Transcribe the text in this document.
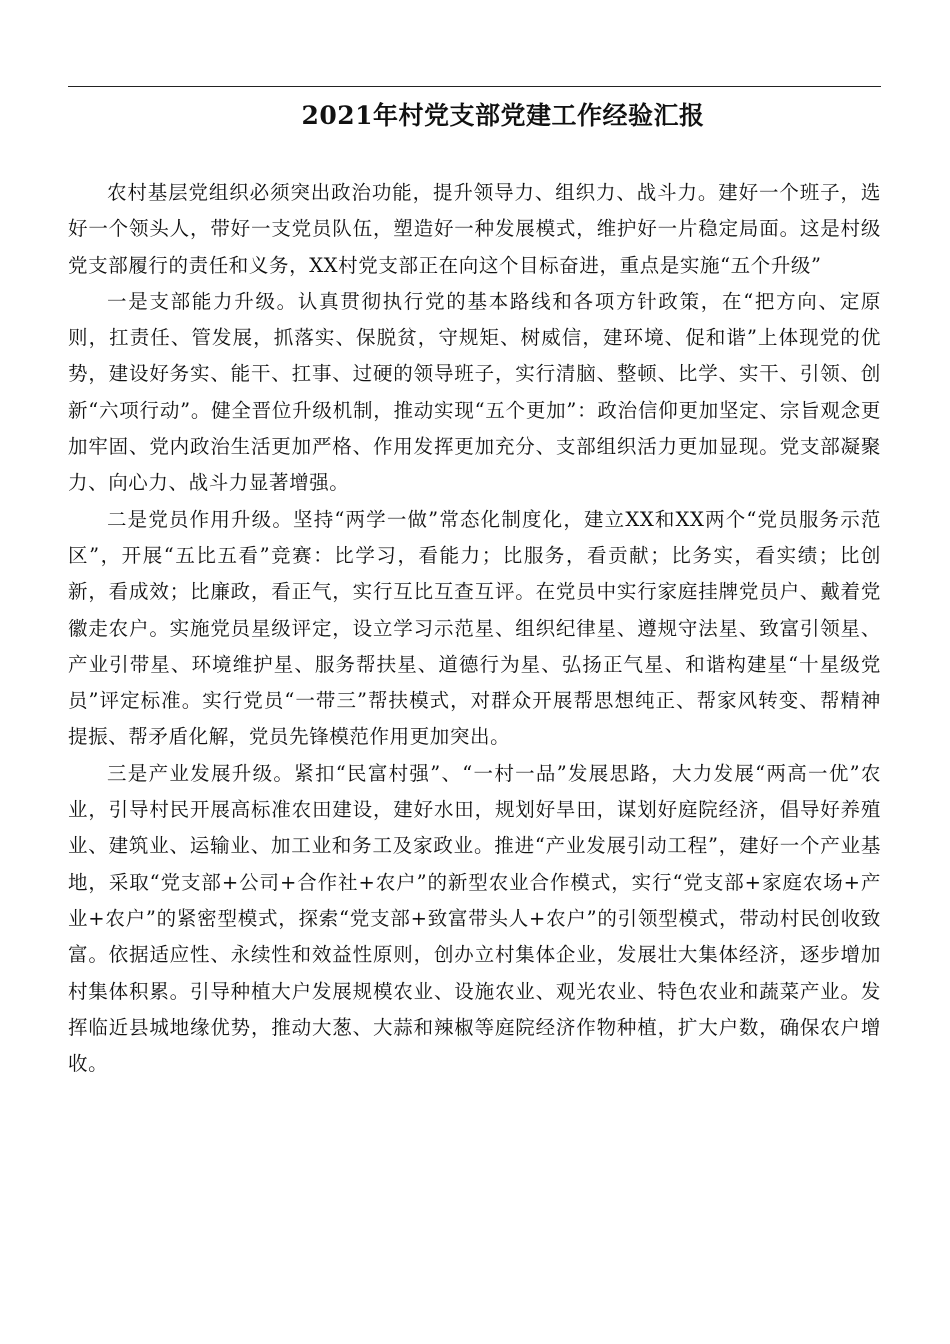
2021年村党支部党建工作经验汇报

农村基层党组织必须突出政治功能，提升领导力、组织力、战斗力。建好一个班子，选好一个领头人，带好一支党员队伍，塑造好一种发展模式，维护好一片稳定局面。这是村级党支部履行的责任和义务，XX村党支部正在向这个目标奋进，重点是实施“五个升级”

一是支部能力升级。认真贯彻执行党的基本路线和各项方针政策，在“把方向、定原则，扛责任、管发展，抓落实、保脱贫，守规矩、树威信，建环境、促和谐”上体现党的优势，建设好务实、能干、扛事、过硬的领导班子，实行清脑、整顿、比学、实干、引领、创新“六项行动”。健全晋位升级机制，推动实现“五个更加”：政治信仰更加坚定、宗旨观念更加牢固、党内政治生活更加严格、作用发挥更加充分、支部组织活力更加显现。党支部凝聚力、向心力、战斗力显著增强。

二是党员作用升级。坚持“两学一做”常态化制度化，建立XX和XX两个“党员服务示范区”，开展“五比五看”竞赛：比学习，看能力；比服务，看贡献；比务实，看实绩；比创新，看成效；比廉政，看正气，实行互比互查互评。在党员中实行家庭挂牌党员户、戴着党徽走农户。实施党员星级评定，设立学习示范星、组织纪律星、遵规守法星、致富引领星、产业引带星、环境维护星、服务帮扶星、道德行为星、弘扬正气星、和谐构建星“十星级党员”评定标准。实行党员“一带三”帮扶模式，对群众开展帮思想纯正、帮家风转变、帮精神提振、帮矛盾化解，党员先锋模范作用更加突出。

三是产业发展升级。紧扣“民富村强”、“一村一品”发展思路，大力发展“两高一优”农业，引导村民开展高标准农田建设，建好水田，规划好旱田，谋划好庭院经济，倡导好养殖业、建筑业、运输业、加工业和务工及家政业。推进“产业发展引动工程”，建好一个产业基地，采取“党支部+公司+合作社+农户”的新型农业合作模式，实行“党支部+家庭农场+产业+农户”的紧密型模式，探索“党支部+致富带头人+农户”的引领型模式，带动村民创收致富。依据适应性、永续性和效益性原则，创办立村集体企业，发展壮大集体经济，逐步增加村集体积累。引导种植大户发展规模农业、设施农业、观光农业、特色农业和蔬菜产业。发挥临近县城地缘优势，推动大葱、大蒜和辣椒等庭院经济作物种植，扩大户数，确保农户增收。
